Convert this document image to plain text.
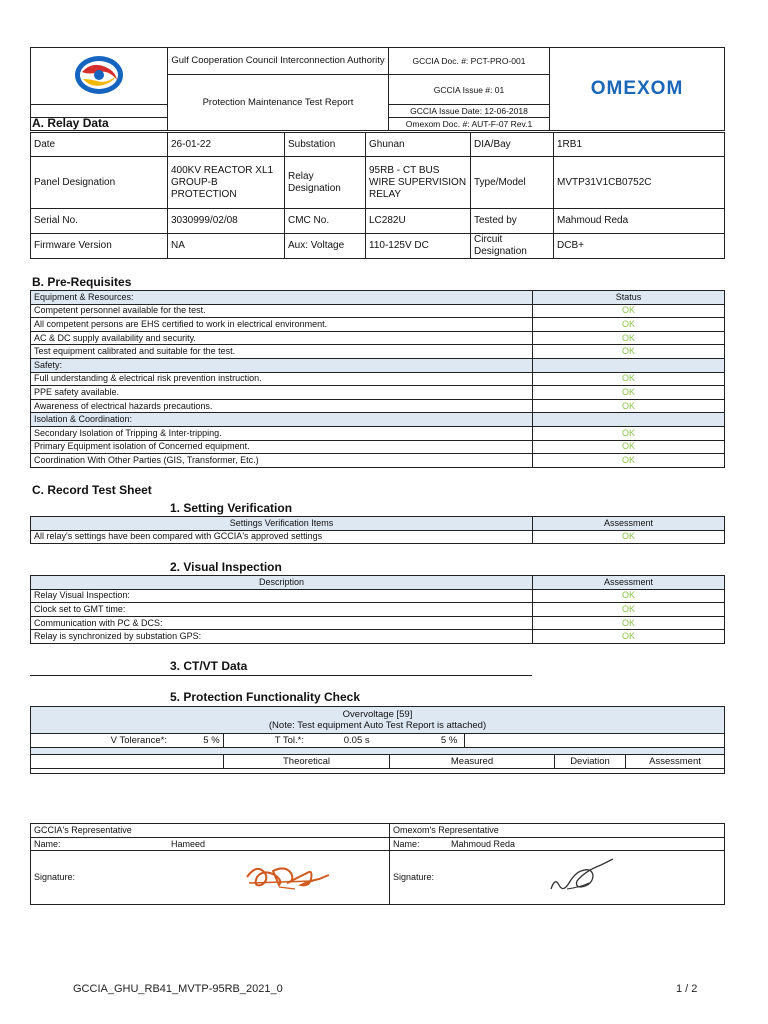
	Gulf Cooperation Council Interconnection Authority	GCCIA Doc. #: PCT-PRO-001	OMEXOM
	Protection Maintenance Test Report	GCCIA Issue #: 01	
		GCCIA Issue Date: 12-06-2018	
		Omexom Doc. #: AUT-F-07 Rev.1	
A. Relay Data
Date	26-01-22	Substation	Ghunan	DIA/Bay	1RB1
Panel Designation	400KV REACTOR XL1 GROUP-B PROTECTION	Relay Designation	95RB - CT BUS WIRE SUPERVISION RELAY	Type/Model	MVTP31V1CB0752C
Serial No.	3030999/02/08	CMC No.	LC282U	Tested by	Mahmoud Reda
Firmware Version	NA	Aux: Voltage	110-125V DC	Circuit Designation	DCB+
B. Pre-Requisites
Equipment & Resources:	Status
Competent personnel available for the test.	OK
All competent persons are EHS certified to work in electrical environment.	OK
AC & DC supply availability and security.	OK
Test equipment calibrated and suitable for the test.	OK
Safety:	
Full understanding & electrical risk prevention instruction.	OK
PPE safety available.	OK
Awareness of electrical hazards precautions.	OK
Isolation & Coordination:	
Secondary Isolation of Tripping & Inter-tripping.	OK
Primary Equipment isolation of Concerned equipment.	OK
Coordination With Other Parties (GIS, Transformer, Etc.)	OK
C. Record Test Sheet
1. Setting Verification
Settings Verification Items	Assessment
All relay's settings have been compared with GCCIA's approved settings	OK
2. Visual Inspection
Description	Assessment
Relay Visual Inspection:	OK
Clock set to GMT time:	OK
Communication with PC & DCS:	OK
Relay is synchronized by substation GPS:	OK
3. CT/VT Data
5. Protection Functionality Check
Overvoltage [59]
(Note: Test equipment Auto Test Report is attached)				

V Tolerance*: 5 %	T Tol.*: 0.05 s 5 %		

	Theoretical	Measured	Deviation	Assessment

GCCIA's Representative	Omexom's Representative
Name: Hameed	Name: Mahmoud Reda
Signature:	Signature:
GCCIA_GHU_RB41_MVTP-95RB_2021_0	1 / 2
